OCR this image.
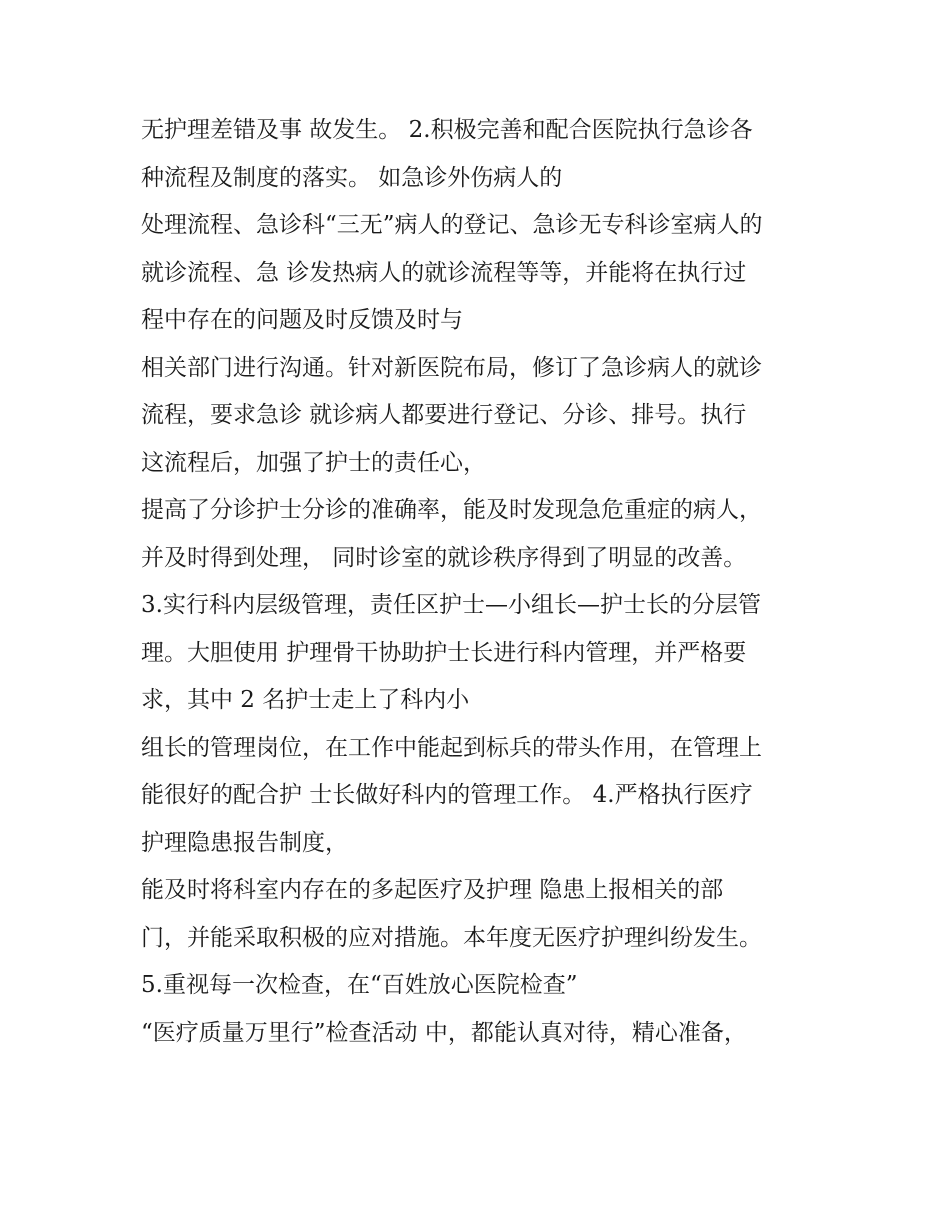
无护理差错及事 故发生。 2.积极完善和配合医院执行急诊各
种流程及制度的落实。 如急诊外伤病人的
处理流程、急诊科“三无”病人的登记、急诊无专科诊室病人的
就诊流程、急 诊发热病人的就诊流程等等，并能将在执行过
程中存在的问题及时反馈及时与
相关部门进行沟通。针对新医院布局，修订了急诊病人的就诊
流程，要求急诊 就诊病人都要进行登记、分诊、排号。执行
这流程后，加强了护士的责任心，
提高了分诊护士分诊的准确率，能及时发现急危重症的病人，
并及时得到处理， 同时诊室的就诊秩序得到了明显的改善。
3.实行科内层级管理，责任区护士—小组长—护士长的分层管
理。大胆使用 护理骨干协助护士长进行科内管理，并严格要
求，其中 2 名护士走上了科内小
组长的管理岗位，在工作中能起到标兵的带头作用，在管理上
能很好的配合护 士长做好科内的管理工作。 4.严格执行医疗
护理隐患报告制度，
能及时将科室内存在的多起医疗及护理 隐患上报相关的部
门，并能采取积极的应对措施。本年度无医疗护理纠纷发生。
5.重视每一次检查，在“百姓放心医院检查”
“医疗质量万里行”检查活动 中，都能认真对待，精心准备，
